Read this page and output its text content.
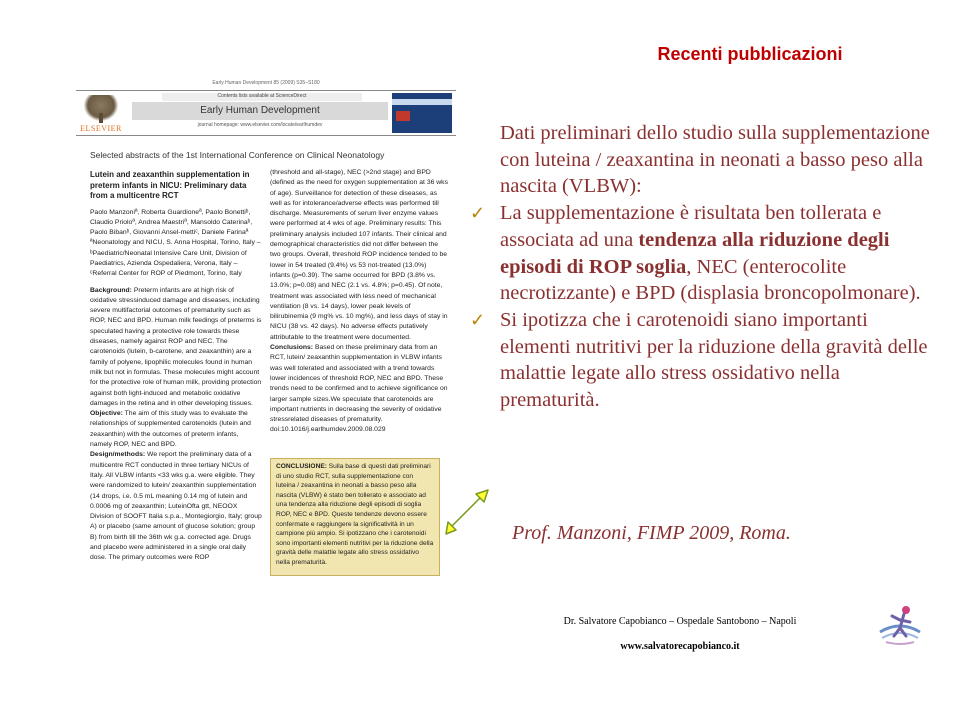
Recenti pubblicazioni
Early Human Development 85 (2009) S35–S180
ELSEVIER
Contents lists available at ScienceDirect
Early Human Development
journal homepage: www.elsevier.com/locate/earlhumdev
Selected abstracts of the 1st International Conference on Clinical Neonatology

Lutein and zeaxanthin supplementation in preterm infants in NICU: Preliminary data from a multicentre RCT

Paolo Manzoniª, Roberta Guardioneª, Paolo Bonettiᵇ, Claudio Prioloª, Andrea Maestriª, Mansoldo Caterinaᵇ, Paolo Bibanᵇ, Giovanni Ansel-mettiᶜ, Daniele Farinaª

ªNeonatology and NICU, S. Anna Hospital, Torino, Italy – ᵇPaediatric/Neonatal Intensive Care Unit, Division of Paediatrics, Azienda Ospedaliera, Verona, Italy – ᶜReferral Center for ROP of Piedmont, Torino, Italy

Background: Preterm infants are at high risk of oxidative stressinduced damage and diseases, including severe multifactorial outcomes of prematurity such as ROP, NEC and BPD. Human milk feedings of preterms is speculated having a protective role towards these diseases, namely against ROP and NEC. The carotenoids (lutein, b-carotene, and zeaxanthin) are a family of polyene, lipophilic molecules found in human milk but not in formulas. These molecules might account for the protective role of human milk, providing protection against both light-induced and metabolic oxidative damages in the retina and in other developing tissues.

Objective: The aim of this study was to evaluate the relationships of supplemented carotenoids (lutein and zeaxanthin) with the outcomes of preterm infants, namely ROP, NEC and BPD.

Design/methods: We report the preliminary data of a multicentre RCT conducted in three tertiary NICUs of Italy. All VLBW infants <33 wks g.a. were eligible. They were randomized to lutein/ zeaxanthin supplementation (14 drops, i.e. 0.5 mL meaning 0.14 mg of lutein and 0.0006 mg of zeaxanthin; LuteinOfta gtt, NEOOX Division of SOOFT Italia s.p.a., Montegiorgio, Italy; group A) or placebo (same amount of glucose solution; group B) from birth till the 36th wk g.a. corrected age. Drugs and placebo were administered in a single oral daily dose. The primary outcomes were ROP

(threshold and all-stage), NEC (>2nd stage) and BPD (defined as the need for oxygen supplementation at 36 wks of age). Surveillance for detection of these diseases, as well as for intolerance/adverse effects was performed till discharge. Measurements of serum liver enzyme values were performed at 4 wks of age. Preliminary results: This preliminary analysis included 107 infants. Their clinical and demographical characteristics did not differ between the two groups. Overall, threshold ROP incidence tended to be lower in 54 treated (9.4%) vs 53 not-treated (13.0%) infants (p=0.39). The same occurred for BPD (3.8% vs. 13.0%; p=0.08) and NEC (2.1 vs. 4.8%; p=0.45). Of note, treatment was associated with less need of mechanical ventilation (8 vs. 14 days), lower peak levels of bilirubinemia (9 mg% vs. 10 mg%), and less days of stay in NICU (38 vs. 42 days). No adverse effects putatively attributable to the treatment were documented.

Conclusions: Based on these preliminary data from an RCT, lutein/ zeaxanthin supplementation in VLBW infants was well tolerated and associated with a trend towards lower incidences of threshold ROP, NEC and BPD. These trends need to be confirmed and to achieve significance on larger sample sizes.We speculate that carotenoids are important nutrients in decreasing the severity of oxidative stressrelated diseases of prematurity.

doi:10.1016/j.earlhumdev.2009.08.029

CONCLUSIONE: Sulla base di questi dati preliminari di uno studio RCT, sulla supplementazione con luteina / zeaxantina in neonati a basso peso alla nascita (VLBW) è stato ben tollerato e associato ad una tendenza alla riduzione degli episodi di soglia ROP, NEC e BPD. Queste tendenze devono essere confermate e raggiungere la significatività in un campione più ampio. Si ipotizzano che i carotenoidi sono importanti elementi nutritivi per la riduzione della gravità delle malattie legate allo stress ossidativo nella prematurità.

Dati preliminari dello studio sulla supplementazione con luteina / zeaxantina in neonati a basso peso alla nascita (VLBW):

✓ La supplementazione è risultata ben tollerata e associata ad una tendenza alla riduzione degli episodi di ROP soglia, NEC (enterocolite necrotizzante) e BPD (displasia broncopolmonare).
✓ Si ipotizza che i carotenoidi siano importanti elementi nutritivi per la riduzione della gravità delle malattie legate allo stress ossidativo nella prematurità.
Prof. Manzoni, FIMP 2009, Roma.
Dr. Salvatore Capobianco – Ospedale Santobono – Napoli
www.salvatorecapobianco.it
